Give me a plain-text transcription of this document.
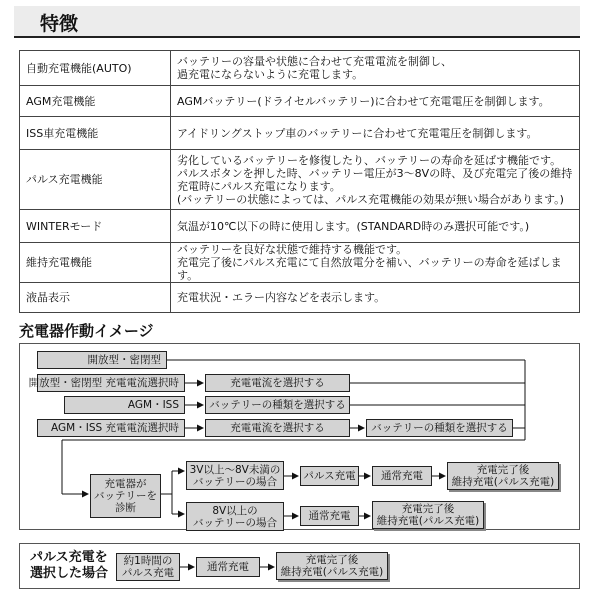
特徴
自動充電機能(AUTO)	バッテリーの容量や状態に合わせて充電電流を制御し、
過充電にならないように充電します。

AGM充電機能	AGMバッテリー(ドライセルバッテリー)に合わせて充電電圧を制御します。

ISS車充電機能	アイドリングストップ車のバッテリーに合わせて充電電圧を制御します。

パルス充電機能	劣化しているバッテリーを修復したり、バッテリーの寿命を延ばす機能です。
パルスボタンを押した時、バッテリー電圧が3～8Vの時、及び充電完了後の維持
充電時にパルス充電になります。
(バッテリーの状態によっては、パルス充電機能の効果が無い場合があります。)

WINTERモード	気温が10℃以下の時に使用します。(STANDARD時のみ選択可能です。)

維持充電機能	バッテリーを良好な状態で維持する機能です。
充電完了後にパルス充電にて自然放電分を補い、バッテリーの寿命を延ばします。

液晶表示	充電状況・エラー内容などを表示します。
充電器作動イメージ
開放型・密閉型
開放型・密閉型 充電電流選択時	充電電流を選択する
AGM・ISS	バッテリーの種類を選択する
AGM・ISS 充電電流選択時	充電電流を選択する	バッテリーの種類を選択する
充電器が
バッテリーを
診断
3V以上～8V未満の
バッテリーの場合	パルス充電 通常充電	充電完了後
維持充電(パルス充電)
8V以上の
バッテリーの場合
通常充電
充電完了後
維持充電(パルス充電)
パルス充電を
選択した場合
約1時間の
パルス充電	通常充電
充電完了後
維持充電(パルス充電)
